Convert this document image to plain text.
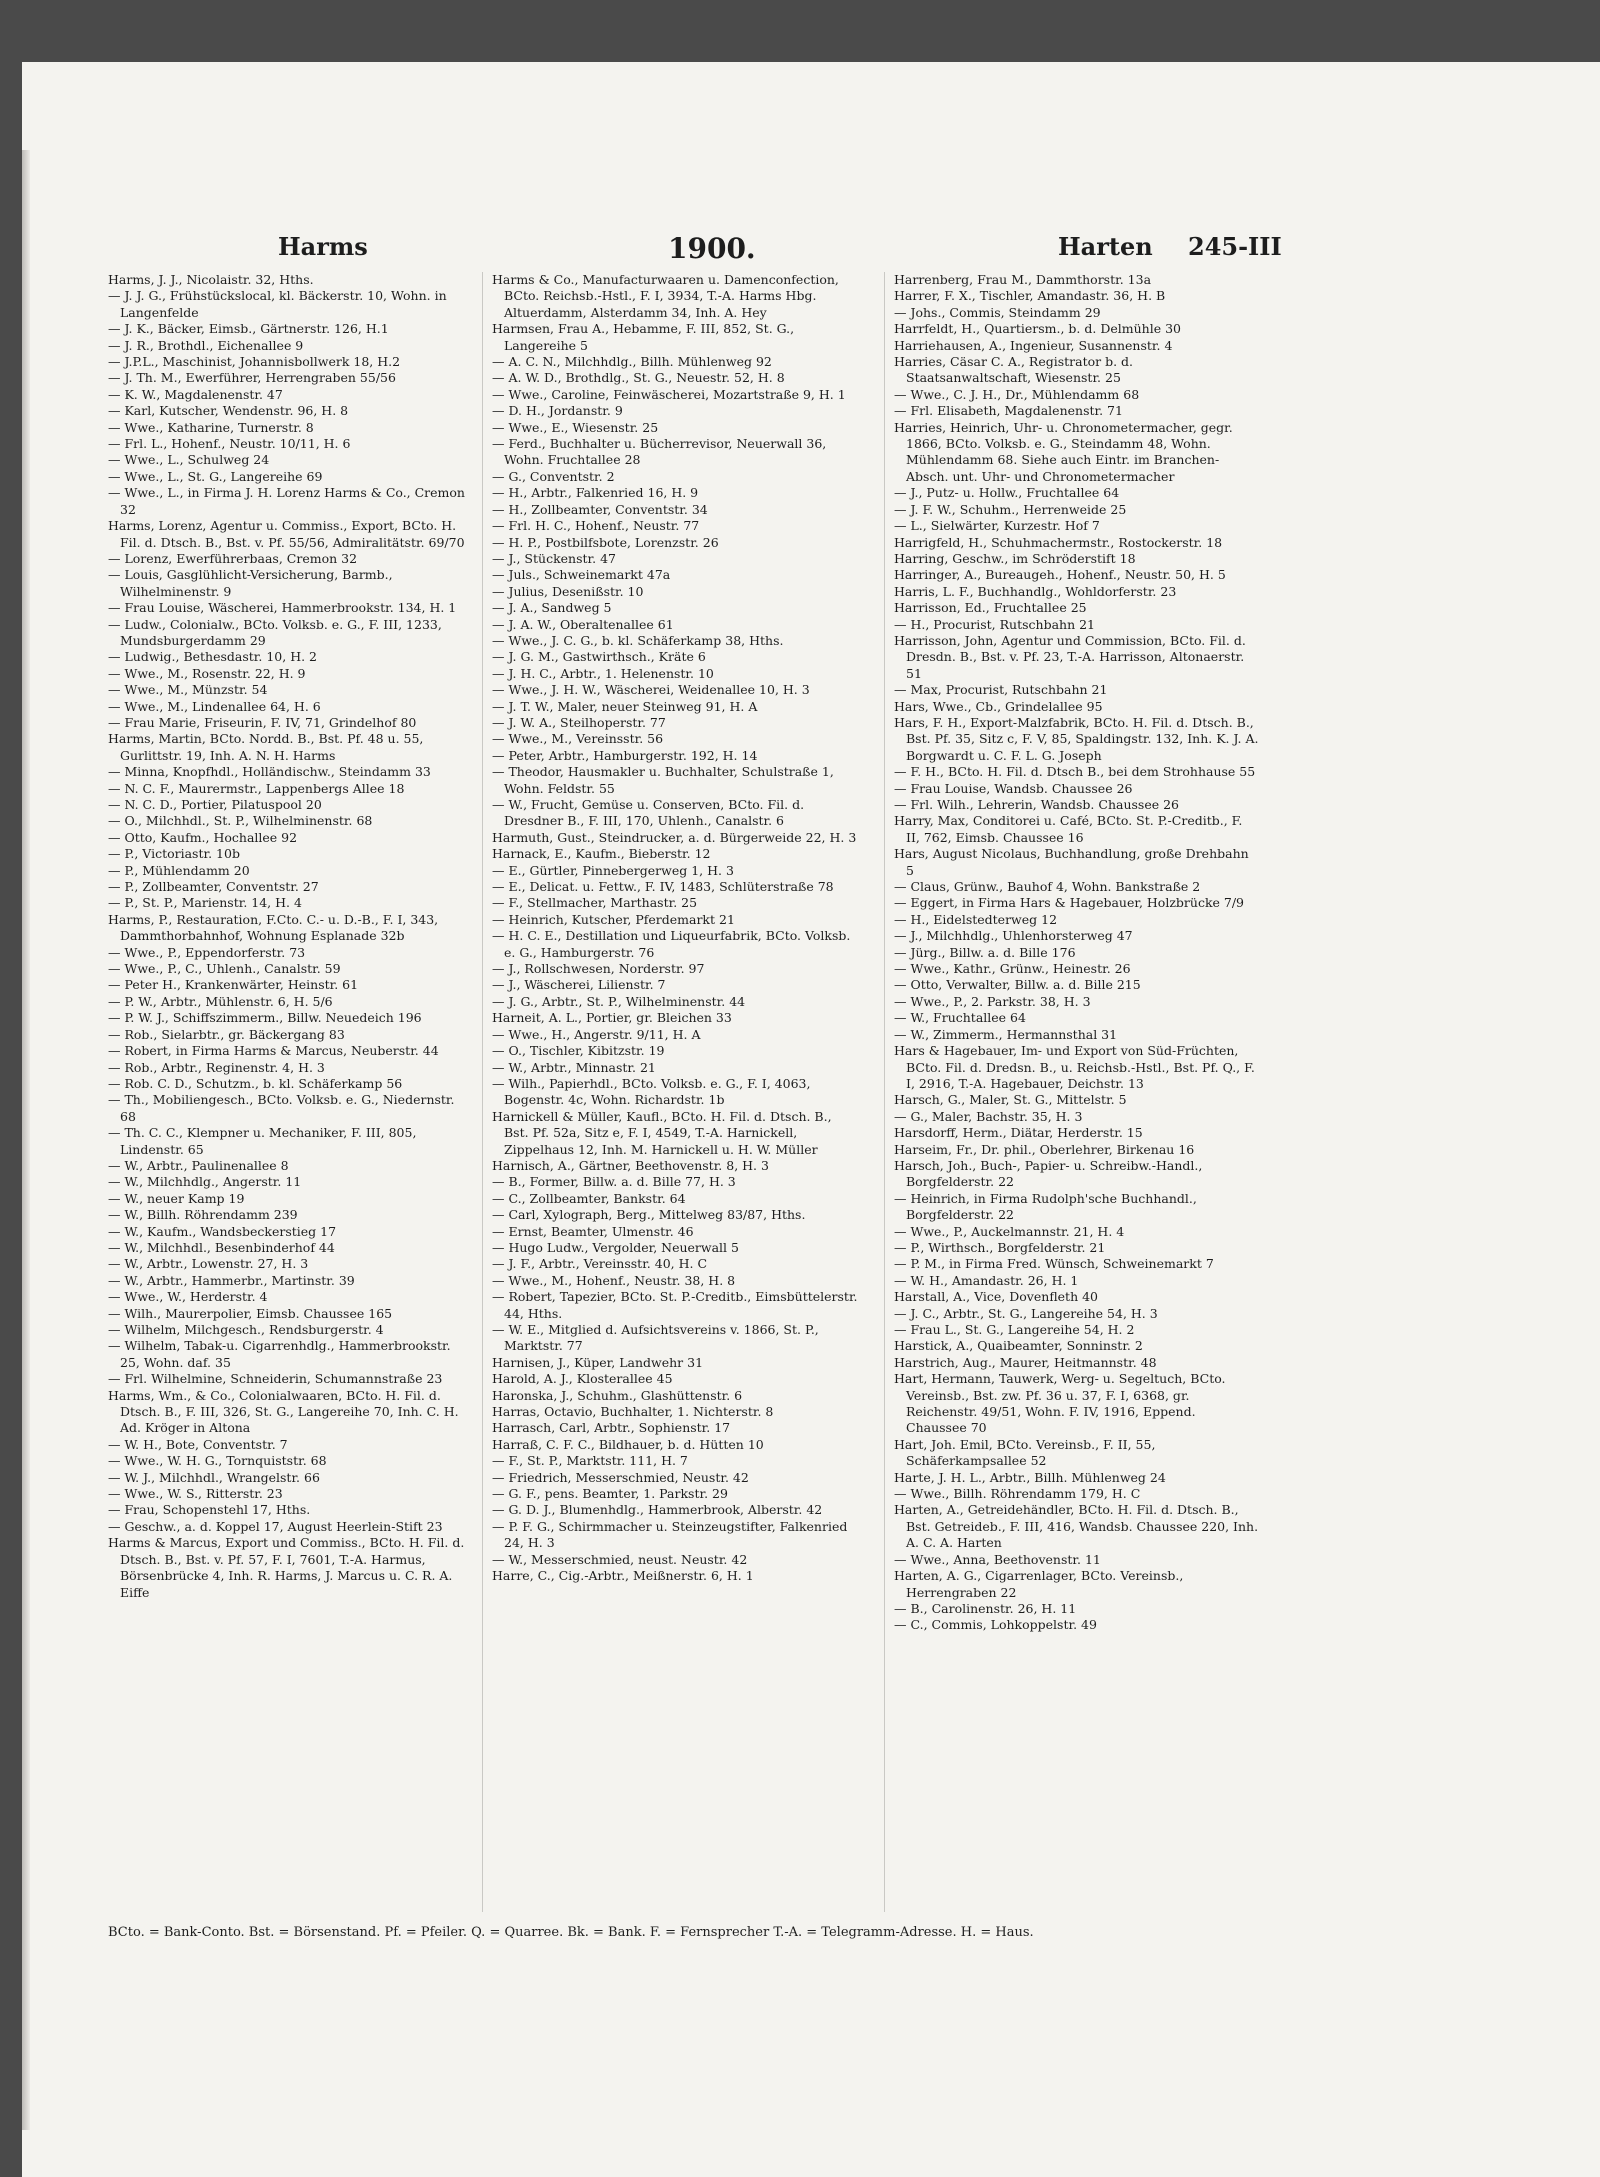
Harms	1900.	Harten 245-III

Harms, J. J., Nicolaistr. 32, Hths.

— J. J. G., Frühstückslocal, kl. Bäckerstr. 10, Wohn. in Langenfelde

— J. K., Bäcker, Eimsb., Gärtnerstr. 126, H.1

— J. R., Brothdl., Eichenallee 9

— J.P.L., Maschinist, Johannisbollwerk 18, H.2

— J. Th. M., Ewerführer, Herrengraben 55/56

— K. W., Magdalenenstr. 47

— Karl, Kutscher, Wendenstr. 96, H. 8

— Wwe., Katharine, Turnerstr. 8

— Frl. L., Hohenf., Neustr. 10/11, H. 6

— Wwe., L., Schulweg 24

— Wwe., L., St. G., Langereihe 69

— Wwe., L., in Firma J. H. Lorenz Harms & Co., Cremon 32

Harms, Lorenz, Agentur u. Commiss., Export, BCto. H. Fil. d. Dtsch. B., Bst. v. Pf. 55/56, Admiralitätstr. 69/70

— Lorenz, Ewerführerbaas, Cremon 32

— Louis, Gasglühlicht-Versicherung, Barmb., Wilhelminenstr. 9

— Frau Louise, Wäscherei, Hammerbrookstr. 134, H. 1

— Ludw., Colonialw., BCto. Volksb. e. G., F. III, 1233, Mundsburgerdamm 29

— Ludwig., Bethesdastr. 10, H. 2

— Wwe., M., Rosenstr. 22, H. 9

— Wwe., M., Münzstr. 54

— Wwe., M., Lindenallee 64, H. 6

— Frau Marie, Friseurin, F. IV, 71, Grindelhof 80

Harms, Martin, BCto. Nordd. B., Bst. Pf. 48 u. 55, Gurlittstr. 19, Inh. A. N. H. Harms

— Minna, Knopfhdl., Holländischw., Steindamm 33

— N. C. F., Maurermstr., Lappenbergs Allee 18

— N. C. D., Portier, Pilatuspool 20

— O., Milchhdl., St. P., Wilhelminenstr. 68

— Otto, Kaufm., Hochallee 92

— P., Victoriastr. 10b

— P., Mühlendamm 20

— P., Zollbeamter, Conventstr. 27

— P., St. P., Marienstr. 14, H. 4

Harms, P., Restauration, F.Cto. C.- u. D.-B., F. I, 343, Dammthorbahnhof, Wohnung Esplanade 32b

— Wwe., P., Eppendorferstr. 73

— Wwe., P., C., Uhlenh., Canalstr. 59

— Peter H., Krankenwärter, Heinstr. 61

— P. W., Arbtr., Mühlenstr. 6, H. 5/6

— P. W. J., Schiffszimmerm., Billw. Neuedeich 196

— Rob., Sielarbtr., gr. Bäckergang 83

— Robert, in Firma Harms & Marcus, Neuberstr. 44

— Rob., Arbtr., Reginenstr. 4, H. 3

— Rob. C. D., Schutzm., b. kl. Schäferkamp 56

— Th., Mobiliengesch., BCto. Volksb. e. G., Niedernstr. 68

— Th. C. C., Klempner u. Mechaniker, F. III, 805, Lindenstr. 65

— W., Arbtr., Paulinenallee 8

— W., Milchhdlg., Angerstr. 11

— W., neuer Kamp 19

— W., Billh. Röhrendamm 239

— W., Kaufm., Wandsbeckerstieg 17

— W., Milchhdl., Besenbinderhof 44

— W., Arbtr., Lowenstr. 27, H. 3

— W., Arbtr., Hammerbr., Martinstr. 39

— Wwe., W., Herderstr. 4

— Wilh., Maurerpolier, Eimsb. Chaussee 165

— Wilhelm, Milchgesch., Rendsburgerstr. 4

— Wilhelm, Tabak-u. Cigarrenhdlg., Hammerbrookstr. 25, Wohn. daf. 35

— Frl. Wilhelmine, Schneiderin, Schumannstraße 23

Harms, Wm., & Co., Colonialwaaren, BCto. H. Fil. d. Dtsch. B., F. III, 326, St. G., Langereihe 70, Inh. C. H. Ad. Kröger in Altona

— W. H., Bote, Conventstr. 7

— Wwe., W. H. G., Tornquiststr. 68

— W. J., Milchhdl., Wrangelstr. 66

— Wwe., W. S., Ritterstr. 23

— Frau, Schopenstehl 17, Hths.

— Geschw., a. d. Koppel 17, August Heerlein-Stift 23

Harms & Marcus, Export und Commiss., BCto. H. Fil. d. Dtsch. B., Bst. v. Pf. 57, F. I, 7601, T.-A. Harmus, Börsenbrücke 4, Inh. R. Harms, J. Marcus u. C. R. A. Eiffe

Harms & Co., Manufacturwaaren u. Damenconfection, BCto. Reichsb.-Hstl., F. I, 3934, T.-A. Harms Hbg. Altuerdamm, Alsterdamm 34, Inh. A. Hey

Harmsen, Frau A., Hebamme, F. III, 852, St. G., Langereihe 5

— A. C. N., Milchhdlg., Billh. Mühlenweg 92

— A. W. D., Brothdlg., St. G., Neuestr. 52, H. 8

— Wwe., Caroline, Feinwäscherei, Mozartstraße 9, H. 1

— D. H., Jordanstr. 9

— Wwe., E., Wiesenstr. 25

— Ferd., Buchhalter u. Bücherrevisor, Neuerwall 36, Wohn. Fruchtallee 28

— G., Conventstr. 2

— H., Arbtr., Falkenried 16, H. 9

— H., Zollbeamter, Conventstr. 34

— Frl. H. C., Hohenf., Neustr. 77

— H. P., Postbilfsbote, Lorenzstr. 26

— J., Stückenstr. 47

— Juls., Schweinemarkt 47a

— Julius, Desenißstr. 10

— J. A., Sandweg 5

— J. A. W., Oberaltenallee 61

— Wwe., J. C. G., b. kl. Schäferkamp 38, Hths.

— J. G. M., Gastwirthsch., Kräte 6

— J. H. C., Arbtr., 1. Helenenstr. 10

— Wwe., J. H. W., Wäscherei, Weidenallee 10, H. 3

— J. T. W., Maler, neuer Steinweg 91, H. A

— J. W. A., Steilhoperstr. 77

— Wwe., M., Vereinsstr. 56

— Peter, Arbtr., Hamburgerstr. 192, H. 14

— Theodor, Hausmakler u. Buchhalter, Schulstraße 1, Wohn. Feldstr. 55

— W., Frucht, Gemüse u. Conserven, BCto. Fil. d. Dresdner B., F. III, 170, Uhlenh., Canalstr. 6

Harmuth, Gust., Steindrucker, a. d. Bürgerweide 22, H. 3

Harnack, E., Kaufm., Bieberstr. 12

— E., Gürtler, Pinnebergerweg 1, H. 3

— E., Delicat. u. Fettw., F. IV, 1483, Schlüterstraße 78

— F., Stellmacher, Marthastr. 25

— Heinrich, Kutscher, Pferdemarkt 21

— H. C. E., Destillation und Liqueurfabrik, BCto. Volksb. e. G., Hamburgerstr. 76

— J., Rollschwesen, Norderstr. 97

— J., Wäscherei, Lilienstr. 7

— J. G., Arbtr., St. P., Wilhelminenstr. 44

Harneit, A. L., Portier, gr. Bleichen 33

— Wwe., H., Angerstr. 9/11, H. A

— O., Tischler, Kibitzstr. 19

— W., Arbtr., Minnastr. 21

— Wilh., Papierhdl., BCto. Volksb. e. G., F. I, 4063, Bogenstr. 4c, Wohn. Richardstr. 1b

Harnickell & Müller, Kaufl., BCto. H. Fil. d. Dtsch. B., Bst. Pf. 52a, Sitz e, F. I, 4549, T.-A. Harnickell, Zippelhaus 12, Inh. M. Harnickell u. H. W. Müller

Harnisch, A., Gärtner, Beethovenstr. 8, H. 3

— B., Former, Billw. a. d. Bille 77, H. 3

— C., Zollbeamter, Bankstr. 64

— Carl, Xylograph, Berg., Mittelweg 83/87, Hths.

— Ernst, Beamter, Ulmenstr. 46

— Hugo Ludw., Vergolder, Neuerwall 5

— J. F., Arbtr., Vereinsstr. 40, H. C

— Wwe., M., Hohenf., Neustr. 38, H. 8

— Robert, Tapezier, BCto. St. P.-Creditb., Eimsbüttelerstr. 44, Hths.

— W. E., Mitglied d. Aufsichtsvereins v. 1866, St. P., Marktstr. 77

Harnisen, J., Küper, Landwehr 31

Harold, A. J., Klosterallee 45

Haronska, J., Schuhm., Glashüttenstr. 6

Harras, Octavio, Buchhalter, 1. Nichterstr. 8

Harrasch, Carl, Arbtr., Sophienstr. 17

Harraß, C. F. C., Bildhauer, b. d. Hütten 10

— F., St. P., Marktstr. 111, H. 7

— Friedrich, Messerschmied, Neustr. 42

— G. F., pens. Beamter, 1. Parkstr. 29

— G. D. J., Blumenhdlg., Hammerbrook, Alberstr. 42

— P. F. G., Schirmmacher u. Steinzeugstifter, Falkenried 24, H. 3

— W., Messerschmied, neust. Neustr. 42

Harre, C., Cig.-Arbtr., Meißnerstr. 6, H. 1

Harrenberg, Frau M., Dammthorstr. 13a

Harrer, F. X., Tischler, Amandastr. 36, H. B

— Johs., Commis, Steindamm 29

Harrfeldt, H., Quartiersm., b. d. Delmühle 30

Harriehausen, A., Ingenieur, Susannenstr. 4

Harries, Cäsar C. A., Registrator b. d. Staatsanwaltschaft, Wiesenstr. 25

— Wwe., C. J. H., Dr., Mühlendamm 68

— Frl. Elisabeth, Magdalenenstr. 71

Harries, Heinrich, Uhr- u. Chronometermacher, gegr. 1866, BCto. Volksb. e. G., Steindamm 48, Wohn. Mühlendamm 68. Siehe auch Eintr. im Branchen-Absch. unt. Uhr- und Chronometermacher

— J., Putz- u. Hollw., Fruchtallee 64

— J. F. W., Schuhm., Herrenweide 25

— L., Sielwärter, Kurzestr. Hof 7

Harrigfeld, H., Schuhmachermstr., Rostockerstr. 18

Harring, Geschw., im Schröderstift 18

Harringer, A., Bureaugeh., Hohenf., Neustr. 50, H. 5

Harris, L. F., Buchhandlg., Wohldorferstr. 23

Harrisson, Ed., Fruchtallee 25

— H., Procurist, Rutschbahn 21

Harrisson, John, Agentur und Commission, BCto. Fil. d. Dresdn. B., Bst. v. Pf. 23, T.-A. Harrisson, Altonaerstr. 51

— Max, Procurist, Rutschbahn 21

Hars, Wwe., Cb., Grindelallee 95

Hars, F. H., Export-Malzfabrik, BCto. H. Fil. d. Dtsch. B., Bst. Pf. 35, Sitz c, F. V, 85, Spaldingstr. 132, Inh. K. J. A. Borgwardt u. C. F. L. G. Joseph

— F. H., BCto. H. Fil. d. Dtsch B., bei dem Strohhause 55

— Frau Louise, Wandsb. Chaussee 26

— Frl. Wilh., Lehrerin, Wandsb. Chaussee 26

Harry, Max, Conditorei u. Café, BCto. St. P.-Creditb., F. II, 762, Eimsb. Chaussee 16

Hars, August Nicolaus, Buchhandlung, große Drehbahn 5

— Claus, Grünw., Bauhof 4, Wohn. Bankstraße 2

— Eggert, in Firma Hars & Hagebauer, Holzbrücke 7/9

— H., Eidelstedterweg 12

— J., Milchhdlg., Uhlenhorsterweg 47

— Jürg., Billw. a. d. Bille 176

— Wwe., Kathr., Grünw., Heinestr. 26

— Otto, Verwalter, Billw. a. d. Bille 215

— Wwe., P., 2. Parkstr. 38, H. 3

— W., Fruchtallee 64

— W., Zimmerm., Hermannsthal 31

Hars & Hagebauer, Im- und Export von Süd-Früchten, BCto. Fil. d. Dredsn. B., u. Reichsb.-Hstl., Bst. Pf. Q., F. I, 2916, T.-A. Hagebauer, Deichstr. 13

Harsch, G., Maler, St. G., Mittelstr. 5

— G., Maler, Bachstr. 35, H. 3

Harsdorff, Herm., Diätar, Herderstr. 15

Harseim, Fr., Dr. phil., Oberlehrer, Birkenau 16

Harsch, Joh., Buch-, Papier- u. Schreibw.-Handl., Borgfelderstr. 22

— Heinrich, in Firma Rudolph'sche Buchhandl., Borgfelderstr. 22

— Wwe., P., Auckelmannstr. 21, H. 4

— P., Wirthsch., Borgfelderstr. 21

— P. M., in Firma Fred. Wünsch, Schweinemarkt 7

— W. H., Amandastr. 26, H. 1

Harstall, A., Vice, Dovenfleth 40

— J. C., Arbtr., St. G., Langereihe 54, H. 3

— Frau L., St. G., Langereihe 54, H. 2

Harstick, A., Quaibeamter, Sonninstr. 2

Harstrich, Aug., Maurer, Heitmannstr. 48

Hart, Hermann, Tauwerk, Werg- u. Segeltuch, BCto. Vereinsb., Bst. zw. Pf. 36 u. 37, F. I, 6368, gr. Reichenstr. 49/51, Wohn. F. IV, 1916, Eppend. Chaussee 70

Hart, Joh. Emil, BCto. Vereinsb., F. II, 55, Schäferkampsallee 52

Harte, J. H. L., Arbtr., Billh. Mühlenweg 24

— Wwe., Billh. Röhrendamm 179, H. C

Harten, A., Getreidehändler, BCto. H. Fil. d. Dtsch. B., Bst. Getreideb., F. III, 416, Wandsb. Chaussee 220, Inh. A. C. A. Harten

— Wwe., Anna, Beethovenstr. 11

Harten, A. G., Cigarrenlager, BCto. Vereinsb., Herrengraben 22

— B., Carolinenstr. 26, H. 11

— C., Commis, Lohkoppelstr. 49

BCto. = Bank-Conto. Bst. = Börsenstand. Pf. = Pfeiler. Q. = Quarree. Bk. = Bank. F. = Fernsprecher T.-A. = Telegramm-Adresse. H. = Haus.
